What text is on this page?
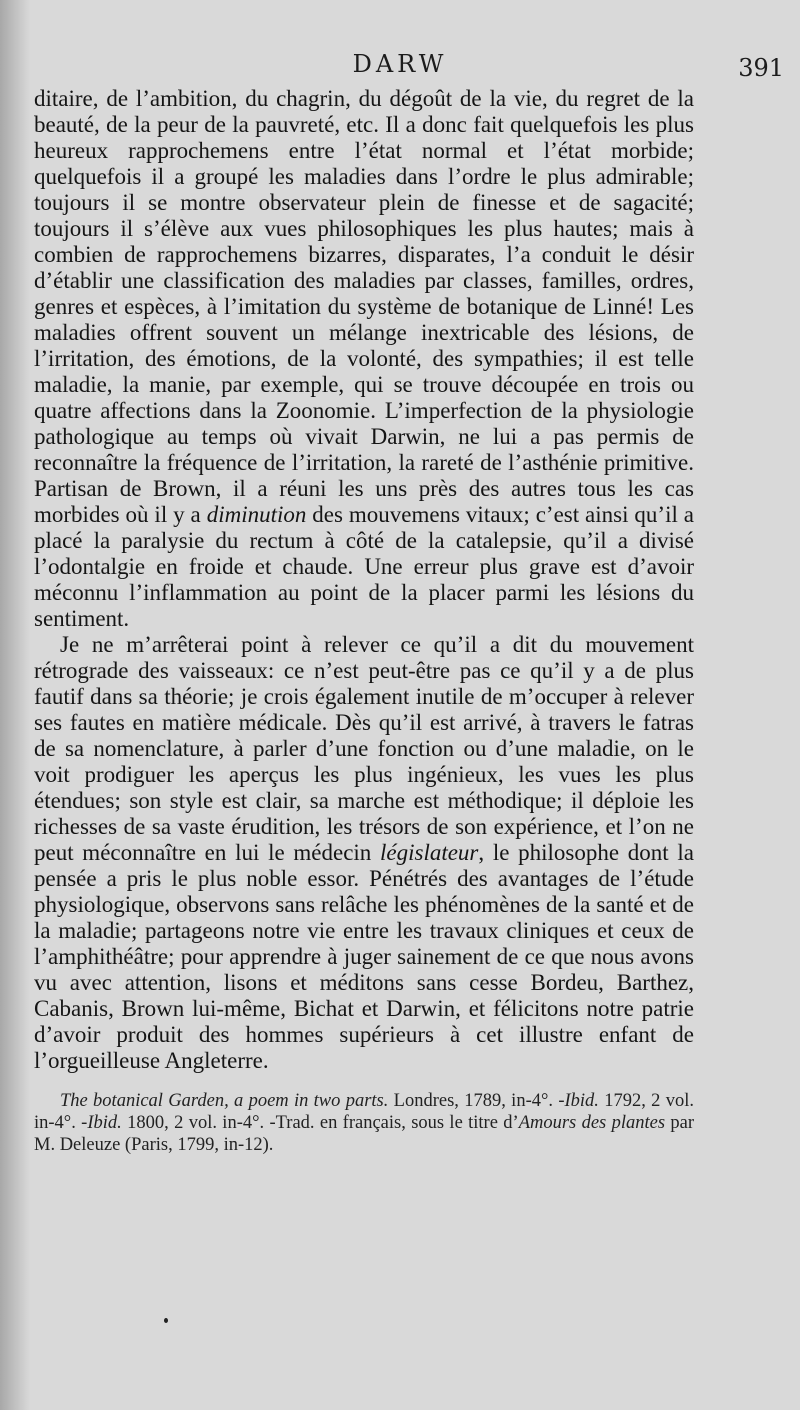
DARW	391

ditaire, de l’ambition, du chagrin, du dégoût de la vie, du regret de la beauté, de la peur de la pauvreté, etc. Il a donc fait quelquefois les plus heureux rapprochemens entre l’état normal et l’état morbide; quelquefois il a groupé les maladies dans l’ordre le plus admirable; toujours il se montre observateur plein de finesse et de sagacité; toujours il s’élève aux vues philosophiques les plus hautes; mais à combien de rapprochemens bizarres, disparates, l’a conduit le désir d’établir une classification des maladies par classes, familles, ordres, genres et espèces, à l’imitation du système de botanique de Linné! Les maladies offrent souvent un mélange inextricable des lésions, de l’irritation, des émotions, de la volonté, des sympathies; il est telle maladie, la manie, par exemple, qui se trouve découpée en trois ou quatre affections dans la Zoonomie. L’imperfection de la physiologie pathologique au temps où vivait Darwin, ne lui a pas permis de reconnaître la fréquence de l’irritation, la rareté de l’asthénie primitive. Partisan de Brown, il a réuni les uns près des autres tous les cas morbides où il y a diminution des mouvemens vitaux; c’est ainsi qu’il a placé la paralysie du rectum à côté de la catalepsie, qu’il a divisé l’odontalgie en froide et chaude. Une erreur plus grave est d’avoir méconnu l’inflammation au point de la placer parmi les lésions du sentiment.

Je ne m’arrêterai point à relever ce qu’il a dit du mouvement rétrograde des vaisseaux: ce n’est peut-être pas ce qu’il y a de plus fautif dans sa théorie; je crois également inutile de m’occuper à relever ses fautes en matière médicale. Dès qu’il est arrivé, à travers le fatras de sa nomenclature, à parler d’une fonction ou d’une maladie, on le voit prodiguer les aperçus les plus ingénieux, les vues les plus étendues; son style est clair, sa marche est méthodique; il déploie les richesses de sa vaste érudition, les trésors de son expérience, et l’on ne peut méconnaître en lui le médecin législateur, le philosophe dont la pensée a pris le plus noble essor. Pénétrés des avantages de l’étude physiologique, observons sans relâche les phénomènes de la santé et de la maladie; partageons notre vie entre les travaux cliniques et ceux de l’amphithéâtre; pour apprendre à juger sainement de ce que nous avons vu avec attention, lisons et méditons sans cesse Bordeu, Barthez, Cabanis, Brown lui-même, Bichat et Darwin, et félicitons notre patrie d’avoir produit des hommes supérieurs à cet illustre enfant de l’orgueilleuse Angleterre.

The botanical Garden, a poem in two parts. Londres, 1789, in-4°. -Ibid. 1792, 2 vol. in-4°. -Ibid. 1800, 2 vol. in-4°. -Trad. en français, sous le titre d’Amours des plantes par M. Deleuze (Paris, 1799, in-12).
